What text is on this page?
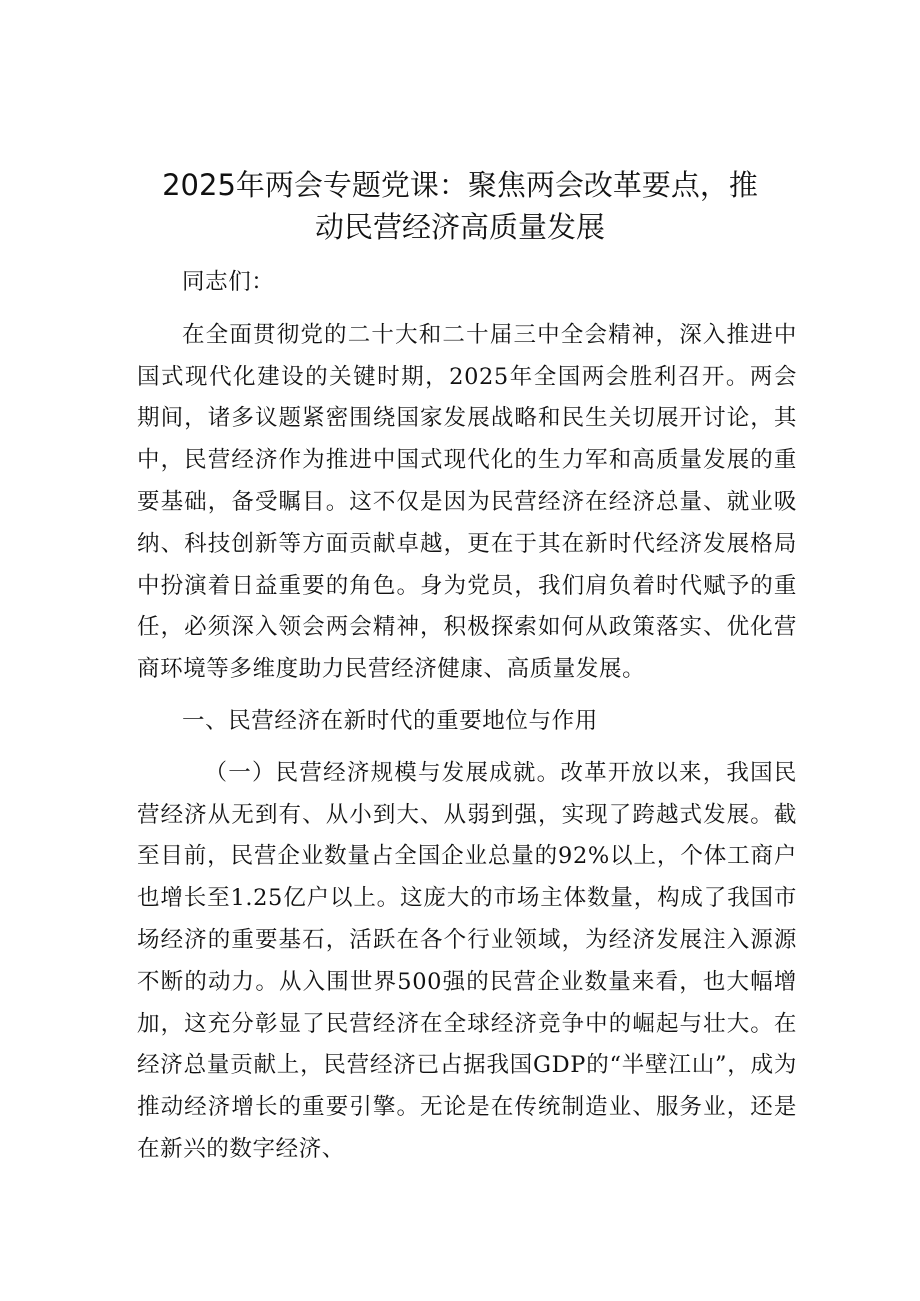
2025年两会专题党课：聚焦两会改革要点，推
动民营经济高质量发展

同志们：

在全面贯彻党的二十大和二十届三中全会精神，深入推进中国式现代化建设的关键时期，2025年全国两会胜利召开。两会期间，诸多议题紧密围绕国家发展战略和民生关切展开讨论，其中，民营经济作为推进中国式现代化的生力军和高质量发展的重要基础，备受瞩目。这不仅是因为民营经济在经济总量、就业吸纳、科技创新等方面贡献卓越，更在于其在新时代经济发展格局中扮演着日益重要的角色。身为党员，我们肩负着时代赋予的重任，必须深入领会两会精神，积极探索如何从政策落实、优化营商环境等多维度助力民营经济健康、高质量发展。

一、民营经济在新时代的重要地位与作用

（一）民营经济规模与发展成就。改革开放以来，我国民营经济从无到有、从小到大、从弱到强，实现了跨越式发展。截至目前，民营企业数量占全国企业总量的92%以上，个体工商户也增长至1.25亿户以上。这庞大的市场主体数量，构成了我国市场经济的重要基石，活跃在各个行业领域，为经济发展注入源源不断的动力。从入围世界500强的民营企业数量来看，也大幅增加，这充分彰显了民营经济在全球经济竞争中的崛起与壮大。在经济总量贡献上，民营经济已占据我国GDP的“半壁江山”，成为推动经济增长的重要引擎。无论是在传统制造业、服务业，还是在新兴的数字经济、
